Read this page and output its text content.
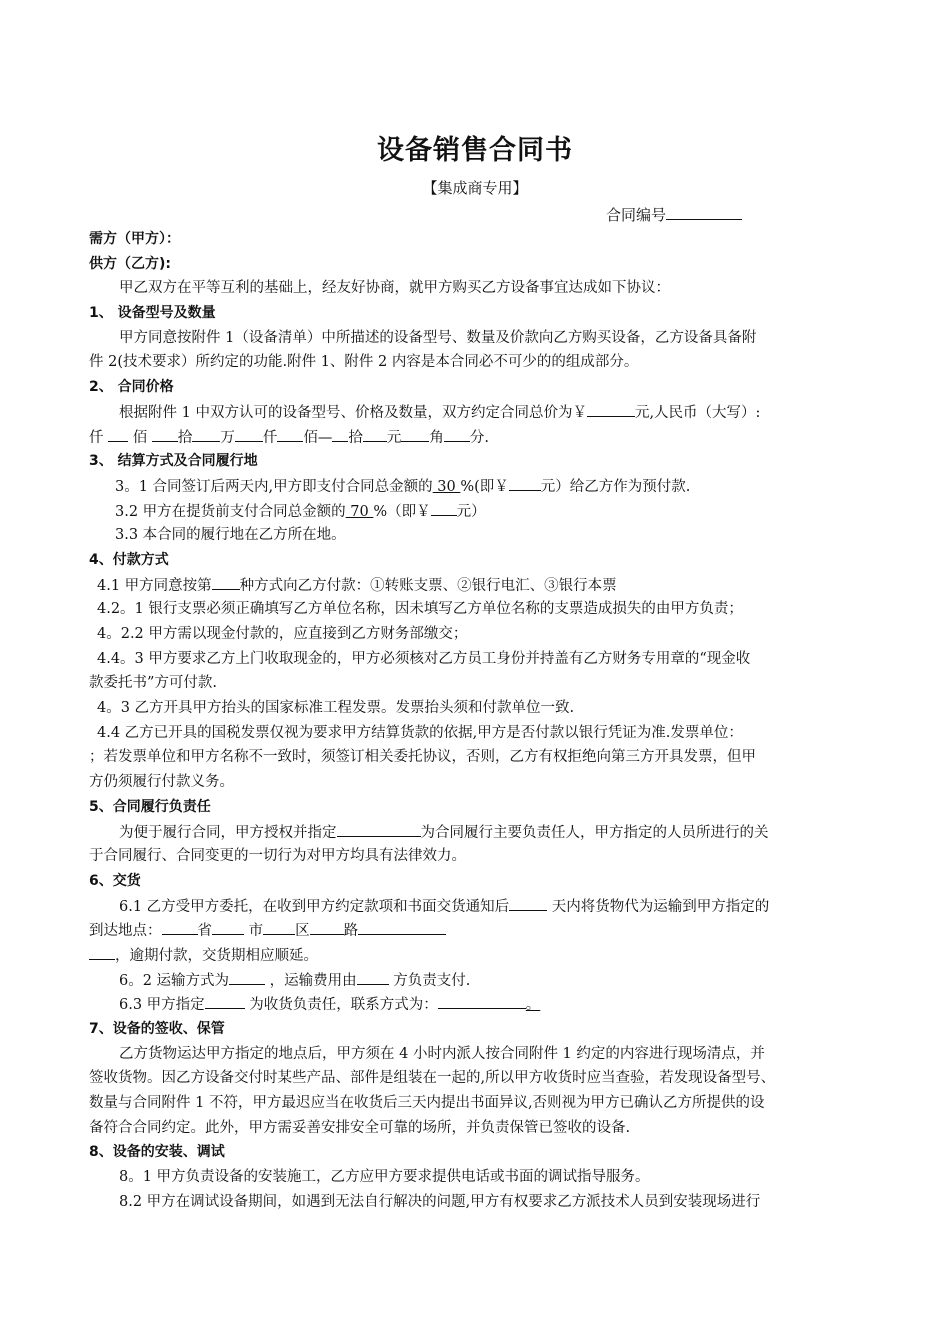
设备销售合同书
【集成商专用】
合同编号
需方（甲方）：
供方（乙方):
甲乙双方在平等互利的基础上，经友好协商，就甲方购买乙方设备事宜达成如下协议：
1、 设备型号及数量
甲方同意按附件 1（设备清单）中所描述的设备型号、数量及价款向乙方购买设备，乙方设备具备附
件 2(技术要求）所约定的功能.附件 1、附件 2 内容是本合同必不可少的的组成部分。
2、 合同价格
根据附件 1 中双方认可的设备型号、价格及数量，双方约定合同总价为￥	元,人民币（大写）:
仟 佰 拾 万 仟 佰— 拾 元 角 分.
3、 结算方式及合同履行地
3。1 合同签订后两天内,甲方即支付合同总金额的 30 %(即￥ 元）给乙方作为预付款.
3.2 甲方在提货前支付合同总金额的 70 %（即￥ 元）
3.3 本合同的履行地在乙方所在地。
4、付款方式
4.1 甲方同意按第 种方式向乙方付款：①转账支票、②银行电汇、③银行本票
4.2。1 银行支票必须正确填写乙方单位名称，因未填写乙方单位名称的支票造成损失的由甲方负责；
4。2.2 甲方需以现金付款的，应直接到乙方财务部缴交；
4.4。3 甲方要求乙方上门收取现金的，甲方必须核对乙方员工身份并持盖有乙方财务专用章的“现金收
款委托书”方可付款.
4。3 乙方开具甲方抬头的国家标准工程发票。发票抬头须和付款单位一致.
4.4 乙方已开具的国税发票仅视为要求甲方结算货款的依据,甲方是否付款以银行凭证为准.发票单位：
；若发票单位和甲方名称不一致时，须签订相关委托协议，否则，乙方有权拒绝向第三方开具发票，但甲
方仍须履行付款义务。
5、合同履行负责任
为便于履行合同，甲方授权并指定	为合同履行主要负责任人，甲方指定的人员所进行的关
于合同履行、合同变更的一切行为对甲方均具有法律效力。
6、交货
6.1 乙方受甲方委托，在收到甲方约定款项和书面交货通知后	天内将货物代为运输到甲方指定的
到达地点： 省 市 区 路
，逾期付款，交货期相应顺延。
6。2 运输方式为 ，运输费用由 方负责支付.
6.3 甲方指定	为收货负责任，联系方式为：	。
7、设备的签收、保管
乙方货物运达甲方指定的地点后，甲方须在 4 小时内派人按合同附件 1 约定的内容进行现场清点，并
签收货物。因乙方设备交付时某些产品、部件是组装在一起的,所以甲方收货时应当查验，若发现设备型号、
数量与合同附件 1 不符，甲方最迟应当在收货后三天内提出书面异议,否则视为甲方已确认乙方所提供的设
备符合合同约定。此外，甲方需妥善安排安全可靠的场所，并负责保管已签收的设备.
8、设备的安装、调试
8。1 甲方负责设备的安装施工，乙方应甲方要求提供电话或书面的调试指导服务。
8.2 甲方在调试设备期间，如遇到无法自行解决的问题,甲方有权要求乙方派技术人员到安装现场进行
